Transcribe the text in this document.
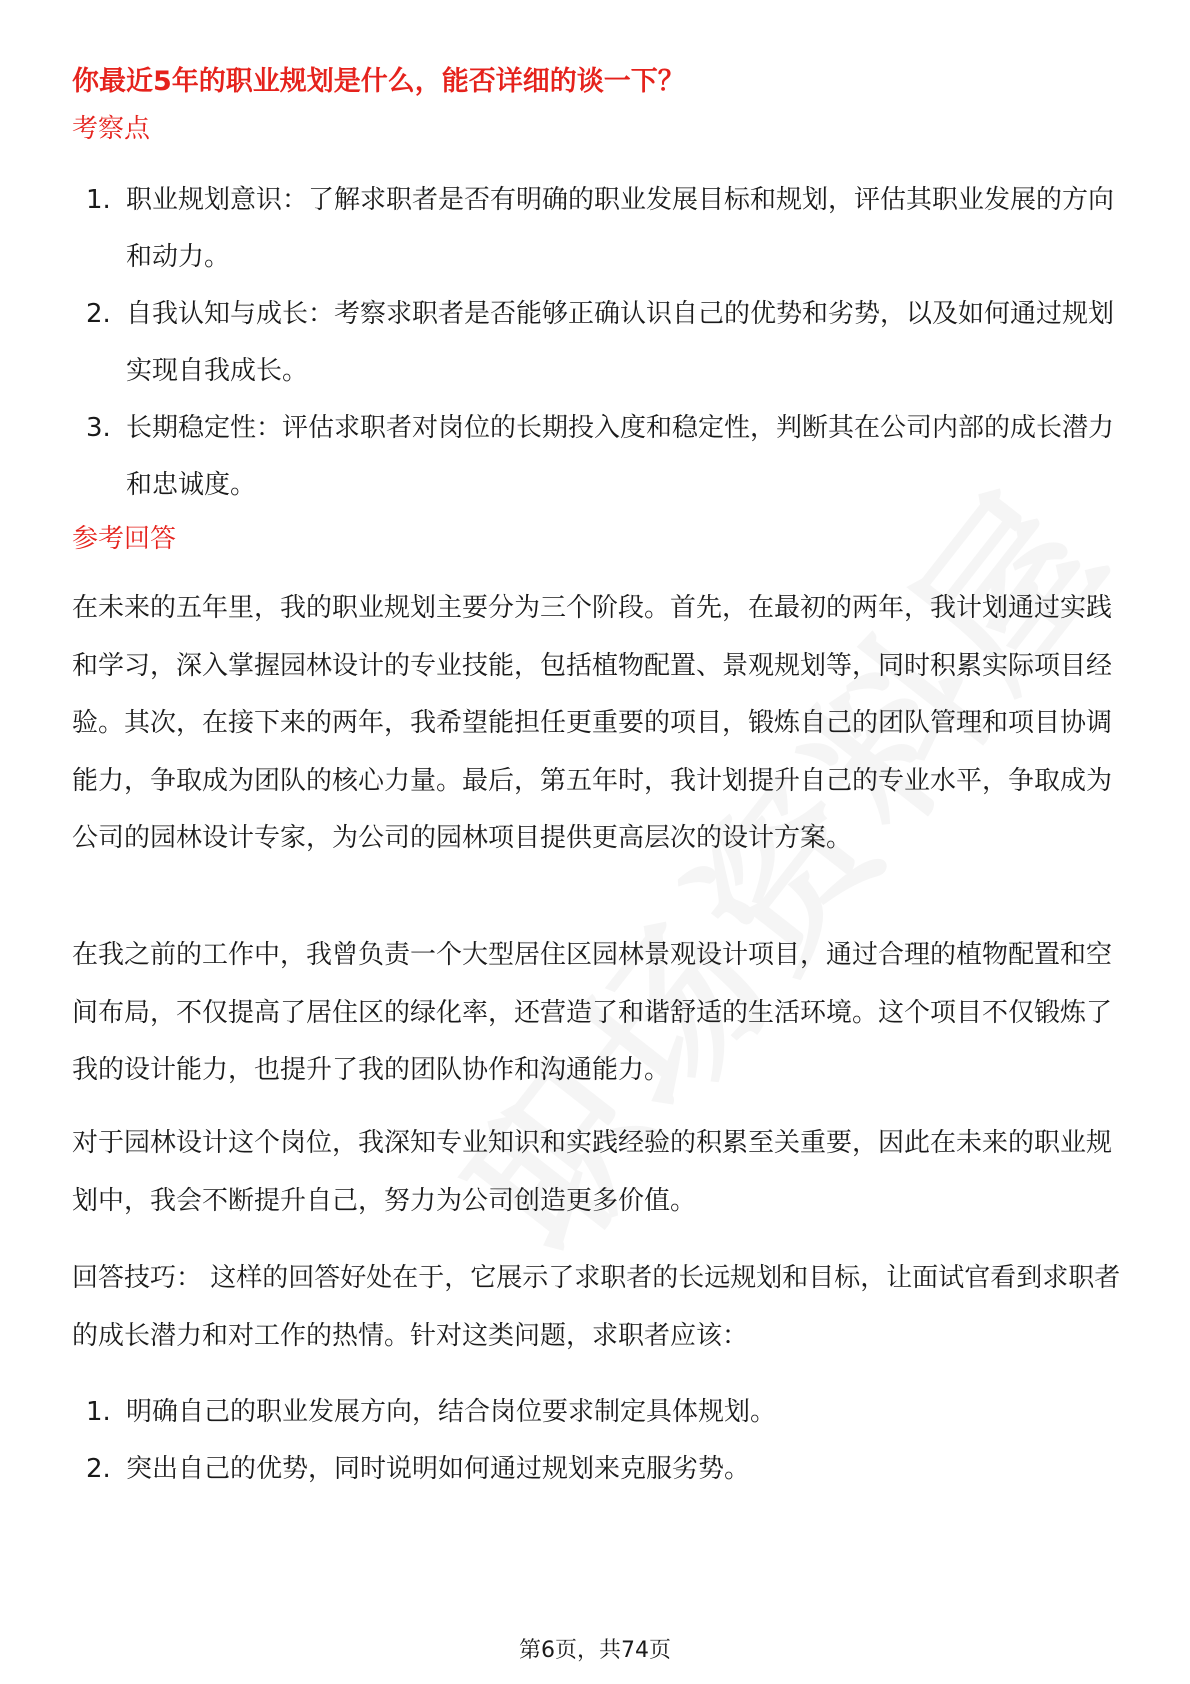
你最近5年的职业规划是什么，能否详细的谈一下？
考察点
1. 职业规划意识：了解求职者是否有明确的职业发展目标和规划，评估其职业发展的方向和动力。
2. 自我认知与成长：考察求职者是否能够正确认识自己的优势和劣势，以及如何通过规划实现自我成长。
3. 长期稳定性：评估求职者对岗位的长期投入度和稳定性，判断其在公司内部的成长潜力和忠诚度。
参考回答

在未来的五年里，我的职业规划主要分为三个阶段。首先，在最初的两年，我计划通过实践和学习，深入掌握园林设计的专业技能，包括植物配置、景观规划等，同时积累实际项目经验。其次，在接下来的两年，我希望能担任更重要的项目，锻炼自己的团队管理和项目协调能力，争取成为团队的核心力量。最后，第五年时，我计划提升自己的专业水平，争取成为公司的园林设计专家，为公司的园林项目提供更高层次的设计方案。

在我之前的工作中，我曾负责一个大型居住区园林景观设计项目，通过合理的植物配置和空间布局，不仅提高了居住区的绿化率，还营造了和谐舒适的生活环境。这个项目不仅锻炼了我的设计能力，也提升了我的团队协作和沟通能力。

对于园林设计这个岗位，我深知专业知识和实践经验的积累至关重要，因此在未来的职业规划中，我会不断提升自己，努力为公司创造更多价值。

回答技巧： 这样的回答好处在于，它展示了求职者的长远规划和目标，让面试官看到求职者的成长潜力和对工作的热情。针对这类问题，求职者应该：

1. 明确自己的职业发展方向，结合岗位要求制定具体规划。
2. 突出自己的优势，同时说明如何通过规划来克服劣势。
第6页，共74页
